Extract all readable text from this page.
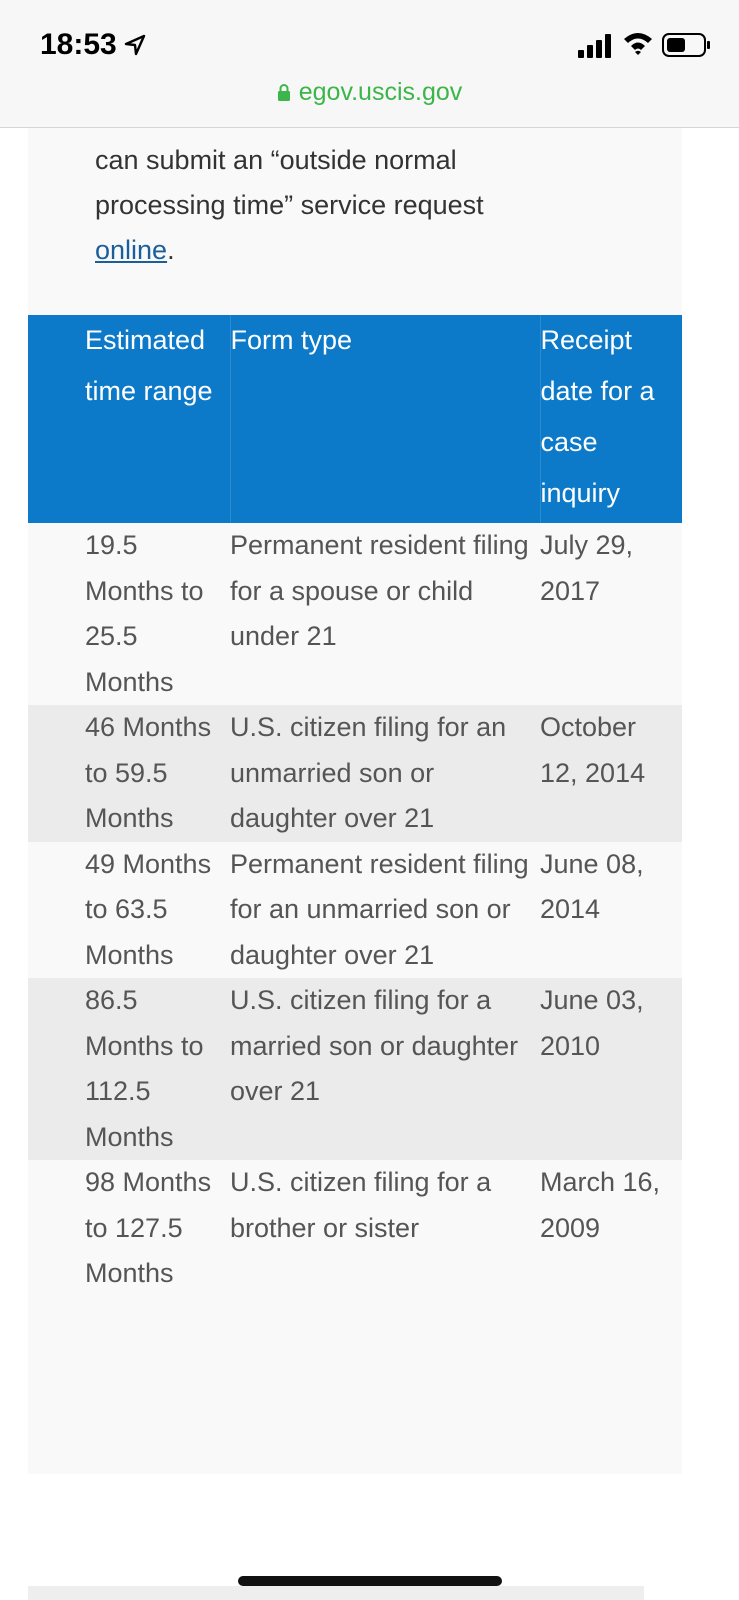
18:53
egov.uscis.gov
can submit an “outside normal
processing time” service request
online.
Estimated time range	Form type	Receipt date for a case inquiry
19.5 Months to 25.5 Months	Permanent resident filing for a spouse or child under 21	July 29, 2017
46 Months to 59.5 Months	U.S. citizen filing for an unmarried son or daughter over 21	October 12, 2014
49 Months to 63.5 Months	Permanent resident filing for an unmarried son or daughter over 21	June 08, 2014
86.5 Months to 112.5 Months	U.S. citizen filing for a married son or daughter over 21	June 03, 2010
98 Months to 127.5 Months	U.S. citizen filing for a brother or sister	March 16, 2009
